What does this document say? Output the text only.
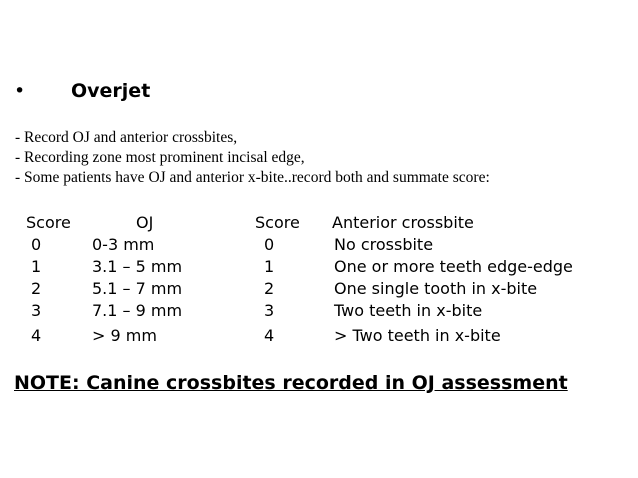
• Overjet
- Record OJ and anterior crossbites,
- Recording zone most prominent incisal edge,
- Some patients have OJ and anterior x-bite..record both and summate score:
Score	OJ	Score Anterior crossbite
0	0-3 mm	0	No crossbite
1	3.1 – 5 mm	1	One or more teeth edge-edge
2	5.1 – 7 mm	2	One single tooth in x-bite
3	7.1 – 9 mm	3	Two teeth in x-bite
4	> 9 mm	4	> Two teeth in x-bite
NOTE: Canine crossbites recorded in OJ assessment
